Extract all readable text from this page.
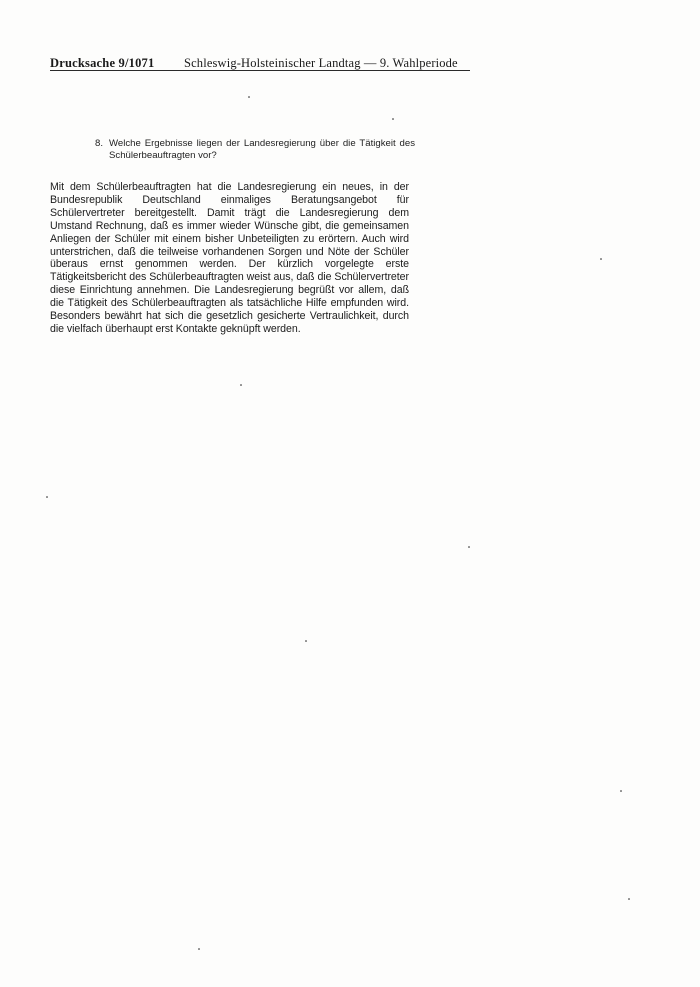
Drucksache 9/1071 Schleswig-Holsteinischer Landtag — 9. Wahlperiode
8. Welche Ergebnisse liegen der Landesregierung über die Tätigkeit des Schülerbeauftragten vor?
Mit dem Schülerbeauftragten hat die Landesregierung ein neues, in der Bundesrepublik Deutschland einmaliges Beratungsangebot für Schülervertreter bereitgestellt. Damit trägt die Landesregierung dem Umstand Rechnung, daß es immer wieder Wünsche gibt, die gemeinsamen Anliegen der Schüler mit einem bisher Unbeteiligten zu erörtern. Auch wird unterstrichen, daß die teilweise vorhandenen Sorgen und Nöte der Schüler überaus ernst genommen werden. Der kürzlich vorgelegte erste Tätigkeitsbericht des Schülerbeauftragten weist aus, daß die Schülervertreter diese Einrichtung annehmen. Die Landesregierung begrüßt vor allem, daß die Tätigkeit des Schülerbeauftragten als tatsächliche Hilfe empfunden wird. Besonders bewährt hat sich die gesetzlich gesicherte Vertraulichkeit, durch die vielfach überhaupt erst Kontakte geknüpft werden.
